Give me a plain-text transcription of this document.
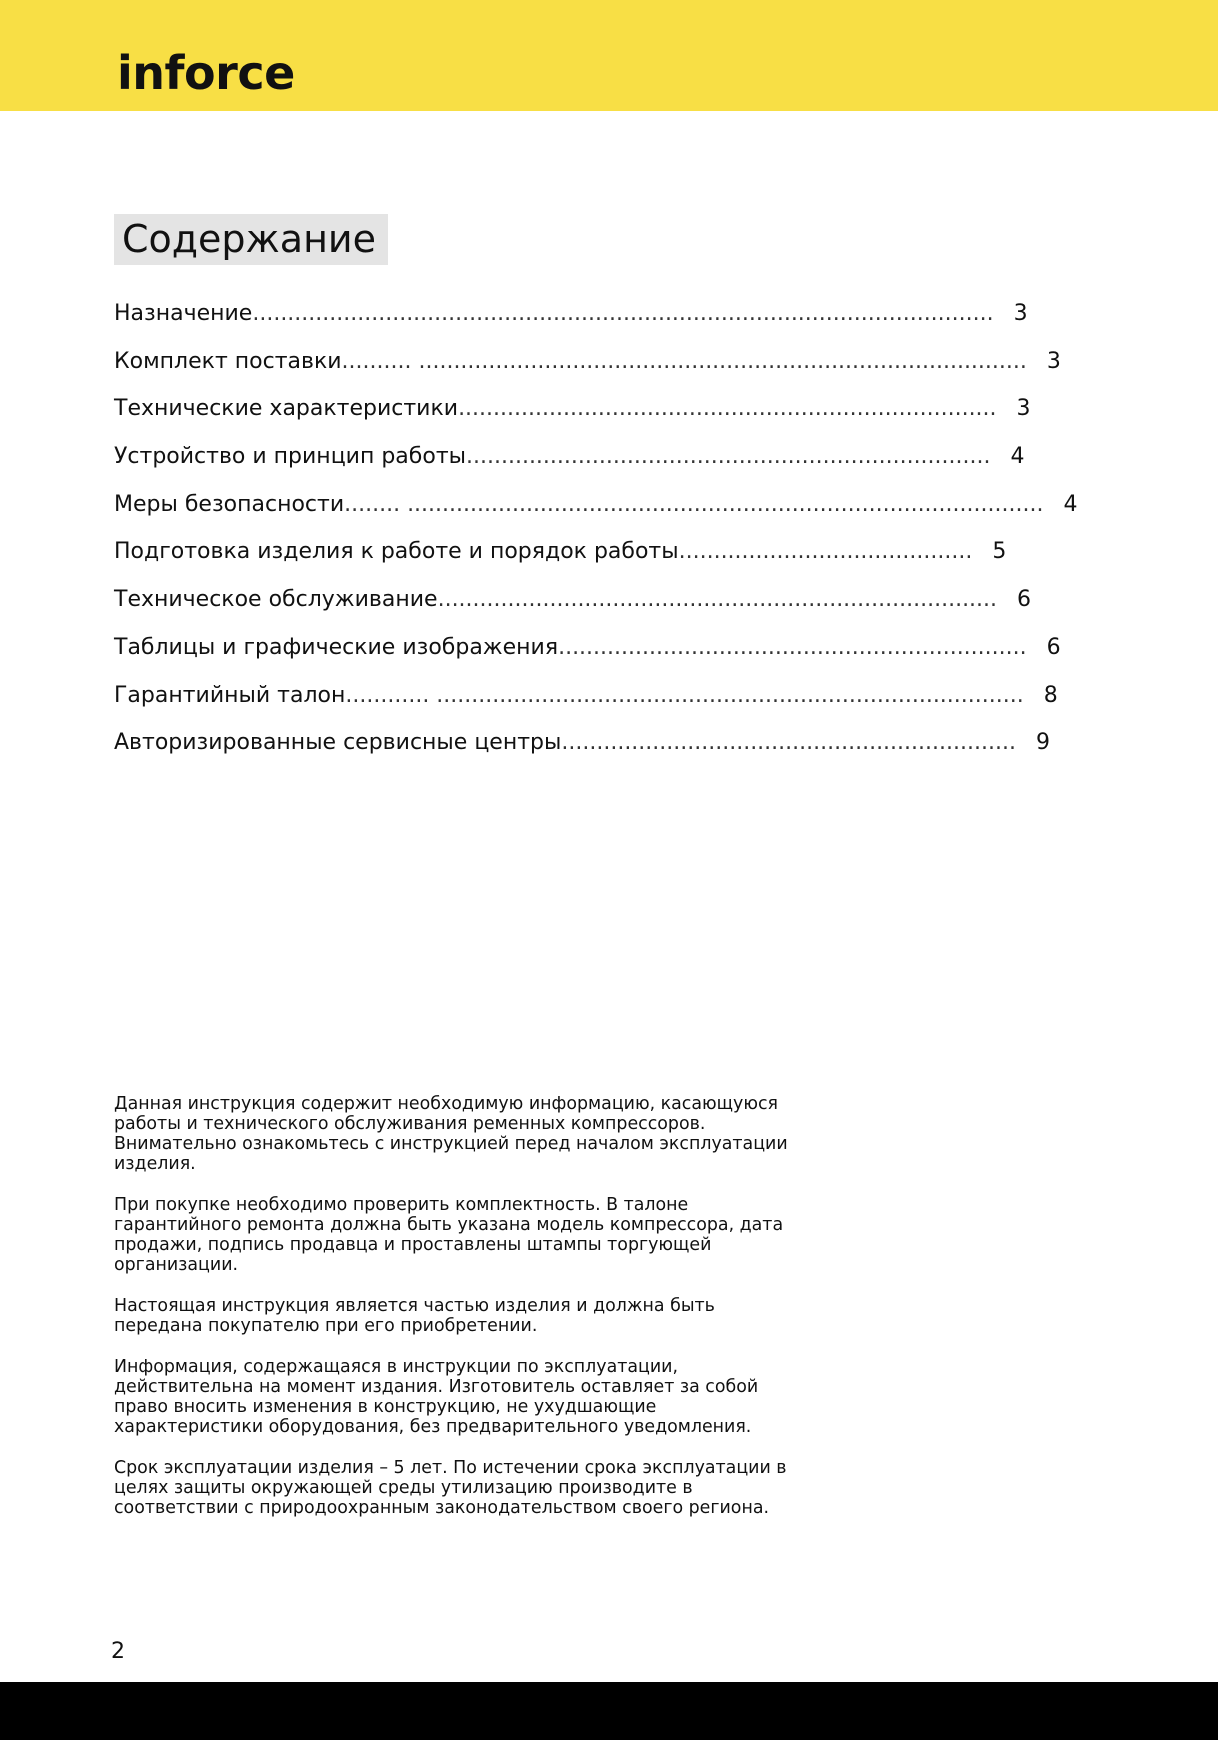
inforce
Содержание
Назначение .......................................................................................................... 3
Комплект поставки .......... ....................................................................................... 3
Технические характеристики ............................................................................. 3
Устройство и принцип работы ........................................................................... 4
Меры безопасности ........ ........................................................................................... 4
Подготовка изделия к работе и порядок работы .......................................... 5
Техническое обслуживание ................................................................................ 6
Таблицы и графические изображения ................................................................... 6
Гарантийный талон ............ .................................................................................... 8
Авторизированные сервисные центры ................................................................. 9

Данная инструкция содержит необходимую информацию, касающуюся работы и технического обслуживания ременных компрессоров. Внимательно ознакомьтесь с инструкцией перед началом эксплуатации изделия.

При покупке необходимо проверить комплектность. В талоне гарантийного ремонта должна быть указана модель компрессора, дата продажи, подпись продавца и проставлены штампы торгующей организации.

Настоящая инструкция является частью изделия и должна быть передана покупателю при его приобретении.

Информация, содержащаяся в инструкции по эксплуатации, действительна на момент издания. Изготовитель оставляет за собой право вносить изменения в конструкцию, не ухудшающие характеристики оборудования, без предварительного уведомления.

Срок эксплуатации изделия – 5 лет. По истечении срока эксплуатации в целях защиты окружающей среды утилизацию производите в соответствии с природоохранным законодательством своего региона.

2
